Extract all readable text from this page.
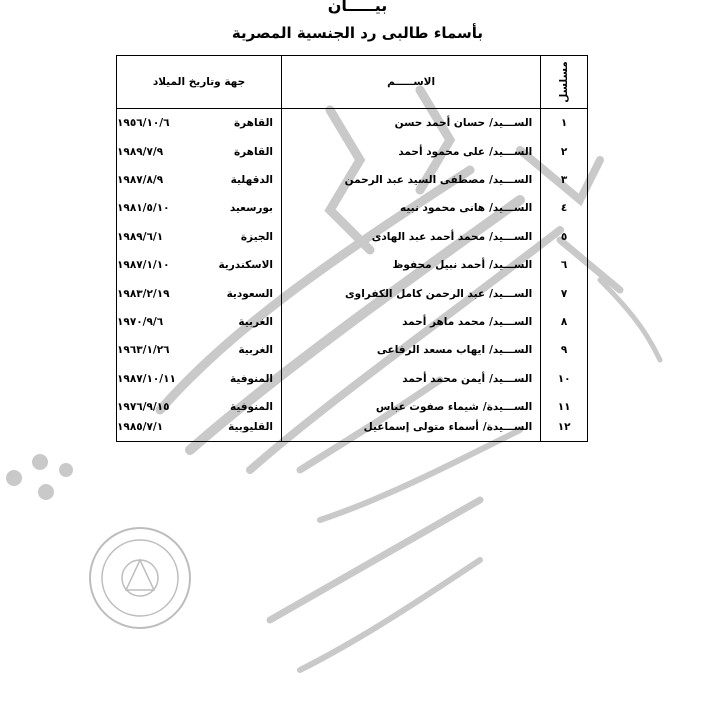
بيـــــان
بأسماء طالبى رد الجنسية المصرية
مسلسل	الاســـــم	جهة وتاريخ الميلاد
١	الســـيد/حسان أحمد حسن	القاهرة١٩٥٦/١٠/٦
٢	الســـيد/على محمود أحمد	القاهرة١٩٨٩/٧/٩
٣	الســـيد/مصطفى السيد عبد الرحمن	الدقهلية١٩٨٧/٨/٩
٤	الســـيد/هانى محمود نبيه	بورسعيد١٩٨١/٥/١٠
٥	الســـيد/محمد أحمد عبد الهادى	الجيزة١٩٨٩/٦/١
٦	الســـيد/أحمد نبيل محفوظ	الاسكندرية١٩٨٧/١/١٠
٧	الســـيد/عبد الرحمن كامل الكفراوى	السعودية١٩٨٣/٢/١٩
٨	الســـيد/محمد ماهر أحمد	الغربية١٩٧٠/٩/٦
٩	الســـيد/ايهاب مسعد الرفاعى	الغربية١٩٦٣/١/٢٦
١٠	الســـيد/أيمن محمد أحمد	المنوفية١٩٨٧/١٠/١١
١١	الســـيدة/شيماء صفوت عباس	المنوفية١٩٧٦/٩/١٥
١٢	الســـيدة/أسماء متولى إسماعيل	القليوبية١٩٨٥/٧/١
